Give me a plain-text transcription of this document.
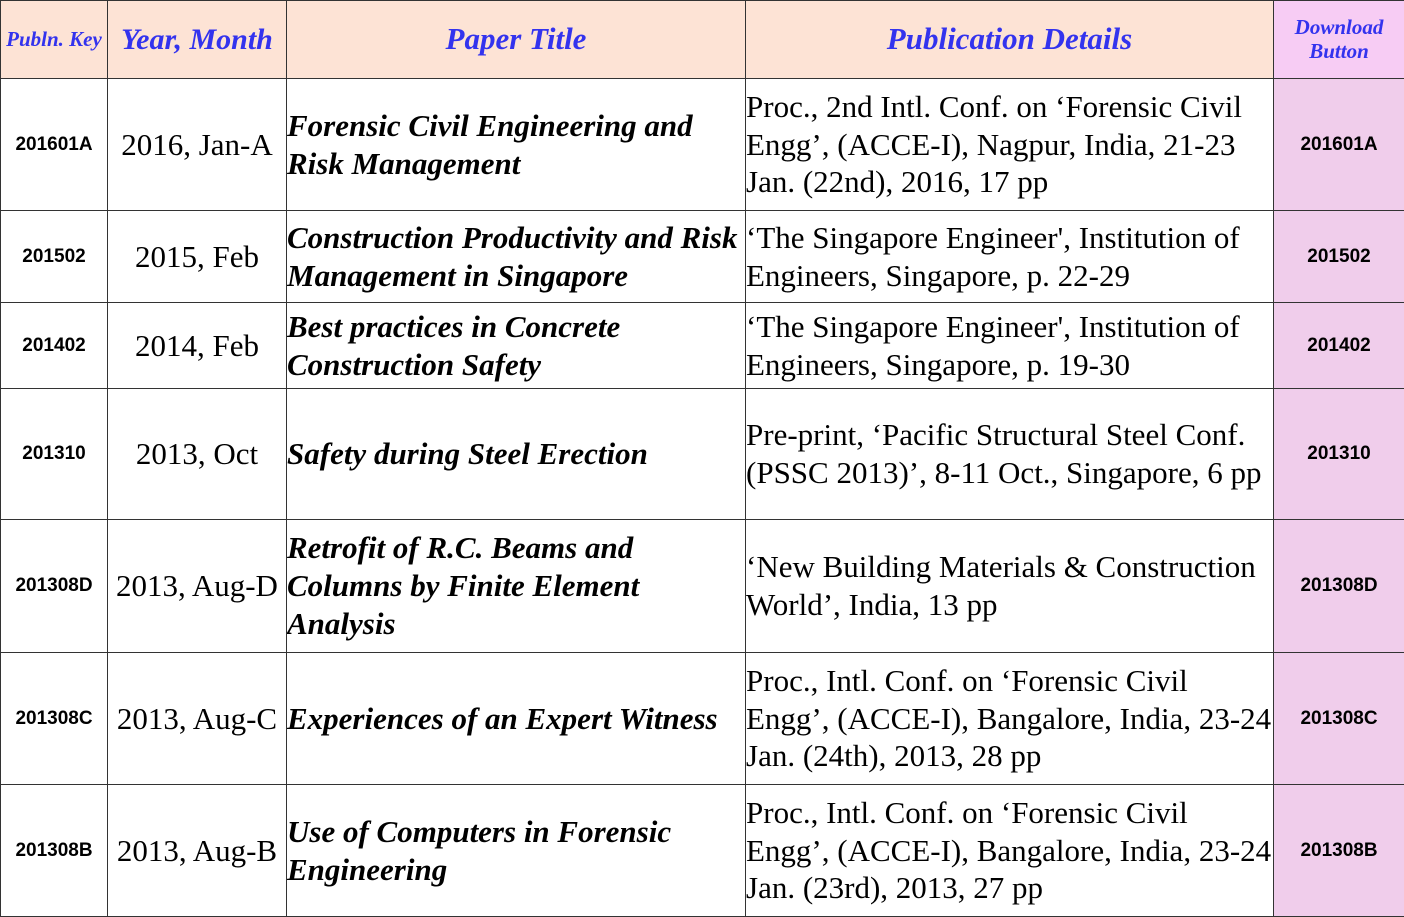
Publn. Key	Year, Month	Paper Title	Publication Details	Download Button
201601A	2016, Jan-A	Forensic Civil Engineering and Risk Management	Proc., 2nd Intl. Conf. on ‘Forensic Civil Engg’, (ACCE-I), Nagpur, India, 21-23 Jan. (22nd), 2016, 17 pp	201601A
201502	2015, Feb	Construction Productivity and Risk Management in Singapore	‘The Singapore Engineer', Institution of Engineers, Singapore, p. 22-29	201502
201402	2014, Feb	Best practices in Concrete Construction Safety	‘The Singapore Engineer', Institution of Engineers, Singapore, p. 19-30	201402
201310	2013, Oct	Safety during Steel Erection	Pre-print, ‘Pacific Structural Steel Conf. (PSSC 2013)’, 8-11 Oct., Singapore, 6 pp	201310
201308D	2013, Aug-D	Retrofit of R.C. Beams and Columns by Finite Element Analysis	‘New Building Materials & Construction World’, India, 13 pp	201308D
201308C	2013, Aug-C	Experiences of an Expert Witness	Proc., Intl. Conf. on ‘Forensic Civil Engg’, (ACCE-I), Bangalore, India, 23-24 Jan. (24th), 2013, 28 pp	201308C
201308B	2013, Aug-B	Use of Computers in Forensic Engineering	Proc., Intl. Conf. on ‘Forensic Civil Engg’, (ACCE-I), Bangalore, India, 23-24 Jan. (23rd), 2013, 27 pp	201308B
